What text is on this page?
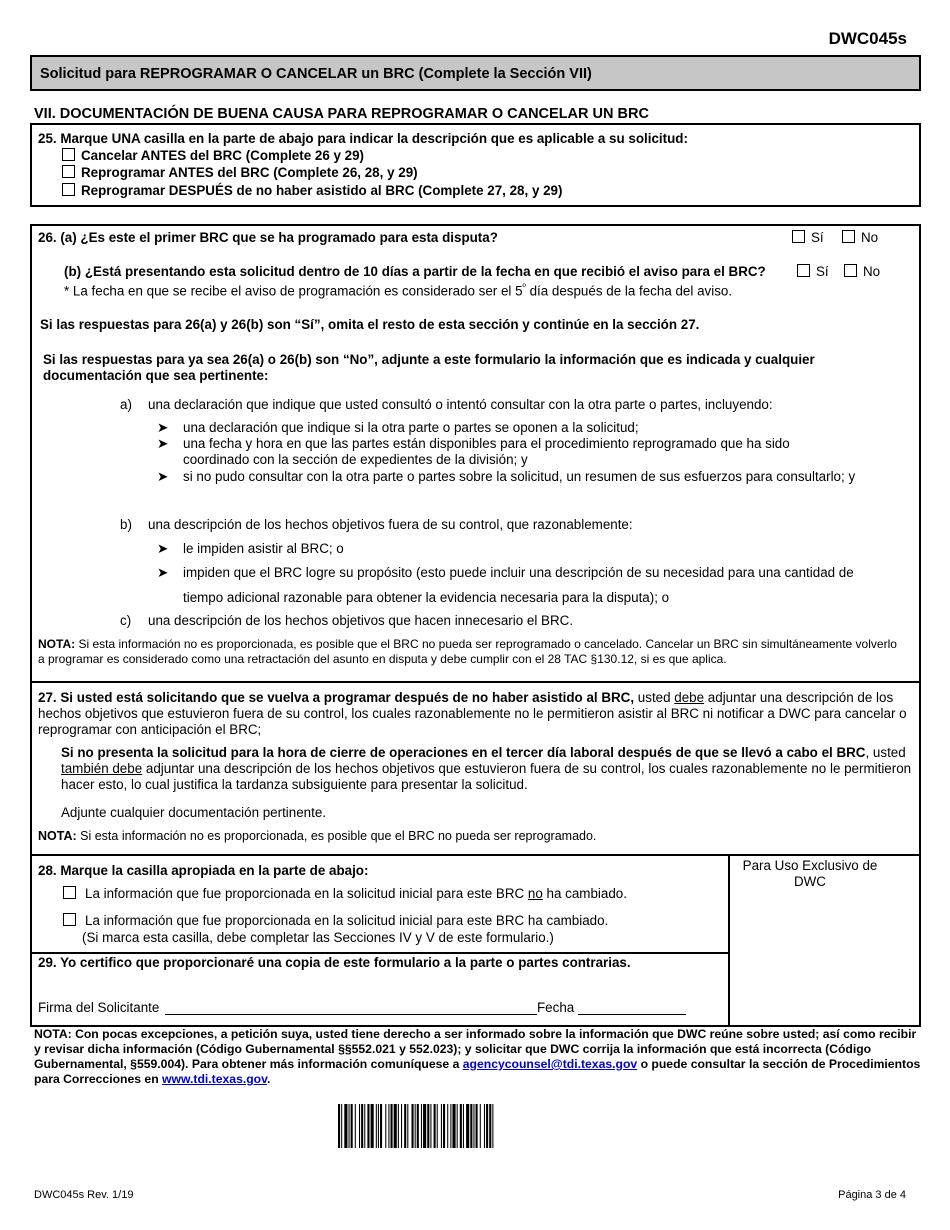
DWC045s
Solicitud para REPROGRAMAR O CANCELAR un BRC (Complete la Sección VII)
VII. DOCUMENTACIÓN DE BUENA CAUSA PARA REPROGRAMAR O CANCELAR UN BRC
25. Marque UNA casilla en la parte de abajo para indicar la descripción que es aplicable a su solicitud:
Cancelar ANTES del BRC (Complete 26 y 29)
Reprogramar ANTES del BRC (Complete 26, 28, y 29)
Reprogramar DESPUÉS de no haber asistido al BRC (Complete 27, 28, y 29)
26. (a) ¿Es este el primer BRC que se ha programado para esta disputa?	Sí	No
(b) ¿Está presentando esta solicitud dentro de 10 días a partir de la fecha en que recibió el aviso para el BRC?	Sí	No
* La fecha en que se recibe el aviso de programación es considerado ser el $5^º$ día después de la fecha del aviso.
Si las respuestas para 26(a) y 26(b) son “Sí”, omita el resto de esta sección y continúe en la sección 27.
Si las respuestas para ya sea 26(a) o 26(b) son “No”, adjunte a este formulario la información que es indicada y cualquier documentación que sea pertinente:
a) una declaración que indique que usted consultó o intentó consultar con la otra parte o partes, incluyendo:
➤ una declaración que indique si la otra parte o partes se oponen a la solicitud;
➤ una fecha y hora en que las partes están disponibles para el procedimiento reprogramado que ha sido coordinado con la sección de expedientes de la división; y
➤ si no pudo consultar con la otra parte o partes sobre la solicitud, un resumen de sus esfuerzos para consultarlo; y
b) una descripción de los hechos objetivos fuera de su control, que razonablemente:
➤ le impiden asistir al BRC; o
➤ impiden que el BRC logre su propósito (esto puede incluir una descripción de su necesidad para una cantidad de
tiempo adicional razonable para obtener la evidencia necesaria para la disputa); o
c) una descripción de los hechos objetivos que hacen innecesario el BRC.
NOTA: Si esta información no es proporcionada, es posible que el BRC no pueda ser reprogramado o cancelado. Cancelar un BRC sin simultáneamente volverlo a programar es considerado como una retractación del asunto en disputa y debe cumplir con el 28 TAC §130.12, si es que aplica.
27. Si usted está solicitando que se vuelva a programar después de no haber asistido al BRC, usted debe adjuntar una descripción de los hechos objetivos que estuvieron fuera de su control, los cuales razonablemente no le permitieron asistir al BRC ni notificar a DWC para cancelar o reprogramar con anticipación el BRC;
Si no presenta la solicitud para la hora de cierre de operaciones en el tercer día laboral después de que se llevó a cabo el BRC, usted también debe adjuntar una descripción de los hechos objetivos que estuvieron fuera de su control, los cuales razonablemente no le permitieron hacer esto, lo cual justifica la tardanza subsiguiente para presentar la solicitud.
Adjunte cualquier documentación pertinente.
NOTA: Si esta información no es proporcionada, es posible que el BRC no pueda ser reprogramado.
28. Marque la casilla apropiada en la parte de abajo:
La información que fue proporcionada en la solicitud inicial para este BRC no ha cambiado.
La información que fue proporcionada en la solicitud inicial para este BRC ha cambiado.
(Si marca esta casilla, debe completar las Secciones IV y V de este formulario.)
Para Uso Exclusivo de DWC
29. Yo certifico que proporcionaré una copia de este formulario a la parte o partes contrarias.
Firma del Solicitante	Fecha
NOTA: Con pocas excepciones, a petición suya, usted tiene derecho a ser informado sobre la información que DWC reúne sobre usted; así como recibir y revisar dicha información (Código Gubernamental §§552.021 y 552.023); y solicitar que DWC corrija la información que está incorrecta (Código Gubernamental, §559.004). Para obtener más información comuníquese a agencycounsel@tdi.texas.gov o puede consultar la sección de Procedimientos para Correcciones en www.tdi.texas.gov.
DWC045s Rev. 1/19	Página 3 de 4
